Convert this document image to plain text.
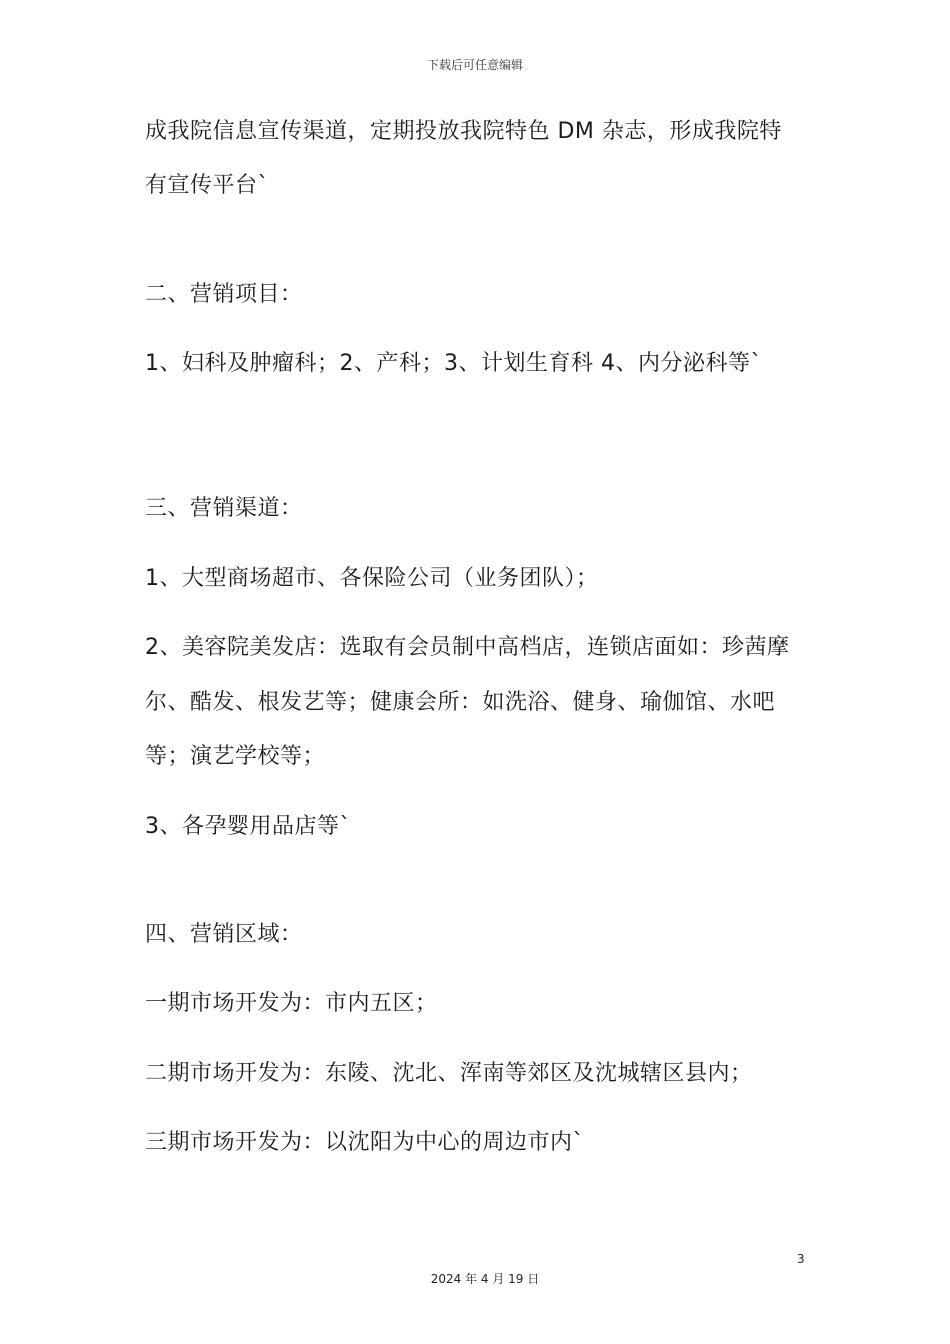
下载后可任意编辑
成我院信息宣传渠道，定期投放我院特色 DM 杂志，形成我院特
有宣传平台`
二、营销项目：
1、妇科及肿瘤科；2、产科；3、计划生育科 4、内分泌科等`
三、营销渠道：
1、大型商场超市、各保险公司（业务团队）；
2、美容院美发店：选取有会员制中高档店，连锁店面如：珍茜摩
尔、酷发、根发艺等；健康会所：如洗浴、健身、瑜伽馆、水吧
等；演艺学校等；
3、各孕婴用品店等`
四、营销区域：
一期市场开发为：市内五区；
二期市场开发为：东陵、沈北、浑南等郊区及沈城辖区县内；
三期市场开发为：以沈阳为中心的周边市内`
3
2024 年 4 月 19 日
